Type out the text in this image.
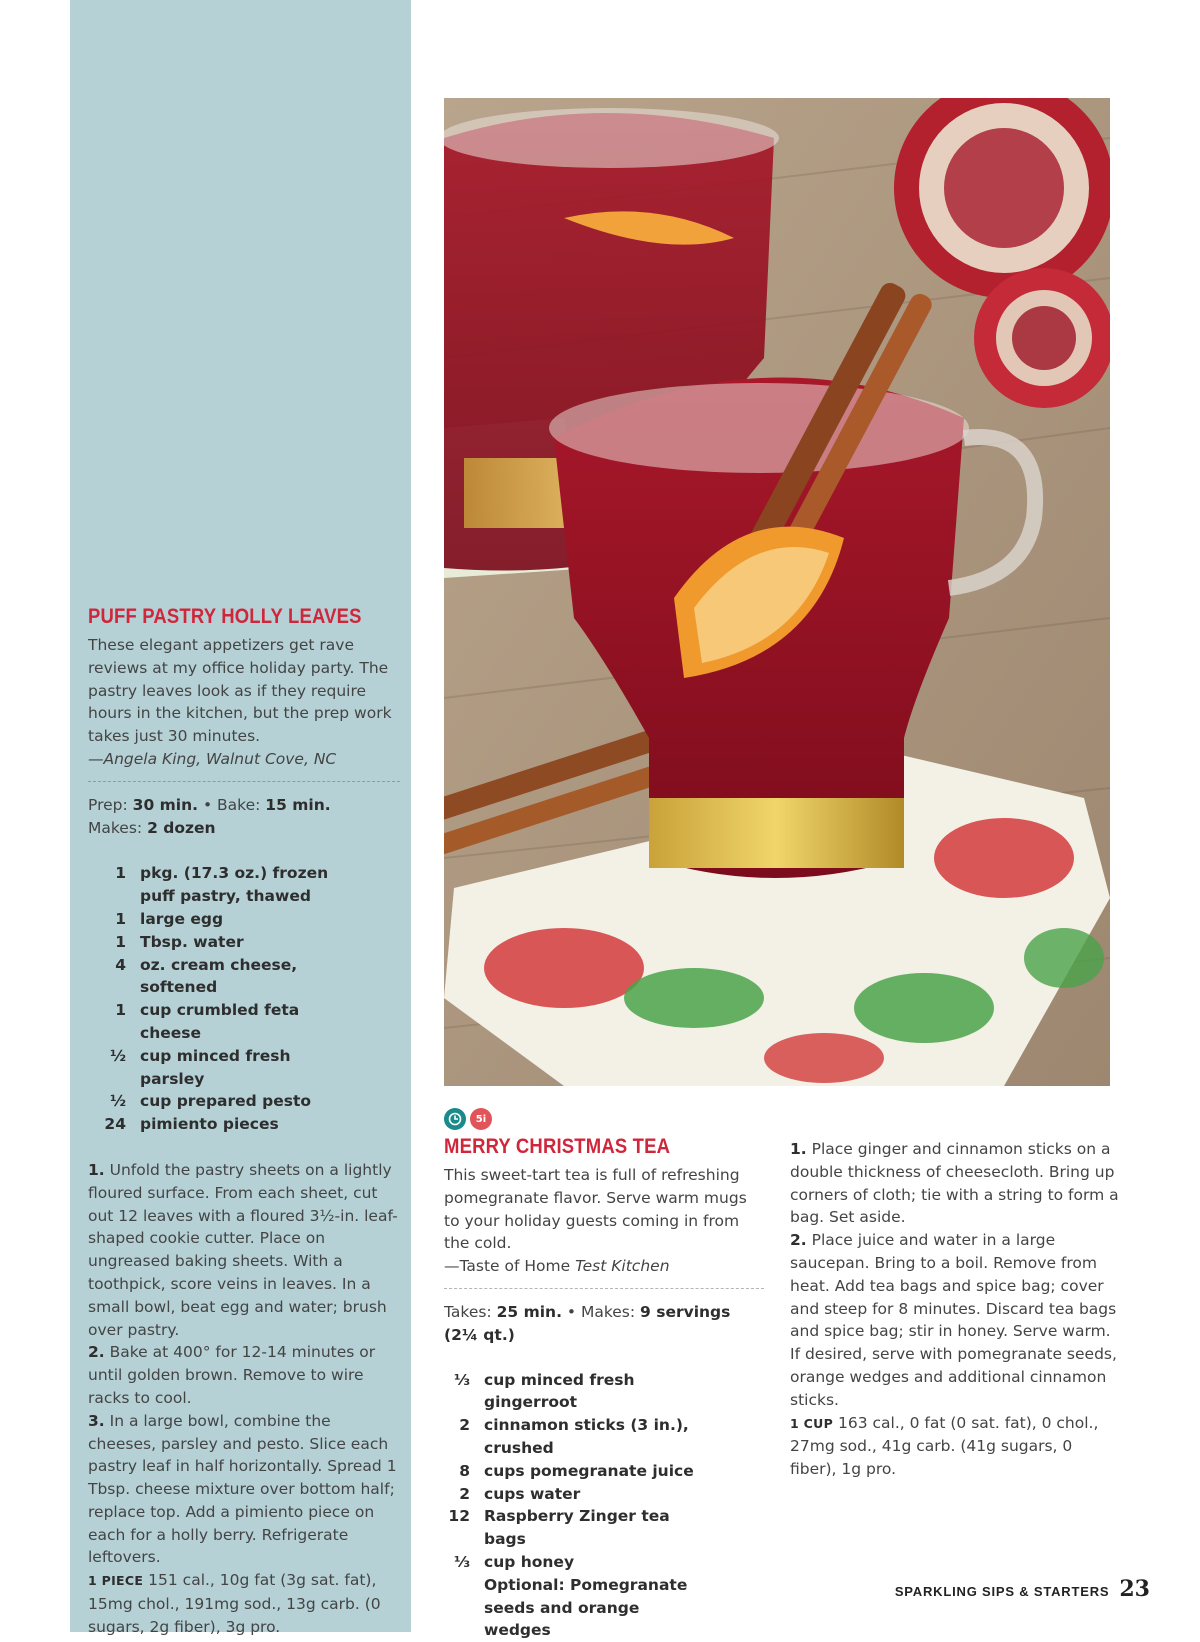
PUFF PASTRY HOLLY LEAVES
These elegant appetizers get rave reviews at my office holiday party. The pastry leaves look as if they require hours in the kitchen, but the prep work takes just 30 minutes.
—Angela King, Walnut Cove, NC
Prep: 30 min. • Bake: 15 min.
Makes: 2 dozen
1 pkg. (17.3 oz.) frozen puff pastry, thawed
1 large egg
1 Tbsp. water
4 oz. cream cheese, softened
1 cup crumbled feta cheese
½ cup minced fresh parsley
½ cup prepared pesto
24 pimiento pieces
1. Unfold the pastry sheets on a lightly floured surface. From each sheet, cut out 12 leaves with a floured 3½-in. leaf-shaped cookie cutter. Place on ungreased baking sheets. With a toothpick, score veins in leaves. In a small bowl, beat egg and water; brush over pastry.
2. Bake at 400° for 12-14 minutes or until golden brown. Remove to wire racks to cool.
3. In a large bowl, combine the cheeses, parsley and pesto. Slice each pastry leaf in half horizontally. Spread 1 Tbsp. cheese mixture over bottom half; replace top. Add a pimiento piece on each for a holly berry. Refrigerate leftovers.
1 PIECE 151 cal., 10g fat (3g sat. fat), 15mg chol., 191mg sod., 13g carb. (0 sugars, 2g fiber), 3g pro.
5i
MERRY CHRISTMAS TEA
This sweet-tart tea is full of refreshing pomegranate flavor. Serve warm mugs to your holiday guests coming in from the cold.
—Taste of Home Test Kitchen
Takes: 25 min. • Makes: 9 servings (2¼ qt.)
⅓ cup minced fresh gingerroot
2 cinnamon sticks (3 in.), crushed
8 cups pomegranate juice
2 cups water
12 Raspberry Zinger tea bags
⅓ cup honey
Optional: Pomegranate seeds and orange wedges
1. Place ginger and cinnamon sticks on a double thickness of cheesecloth. Bring up corners of cloth; tie with a string to form a bag. Set aside.
2. Place juice and water in a large saucepan. Bring to a boil. Remove from heat. Add tea bags and spice bag; cover and steep for 8 minutes. Discard tea bags and spice bag; stir in honey. Serve warm. If desired, serve with pomegranate seeds, orange wedges and additional cinnamon sticks.
1 CUP 163 cal., 0 fat (0 sat. fat), 0 chol., 27mg sod., 41g carb. (41g sugars, 0 fiber), 1g pro.
SPARKLING SIPS & STARTERS 23
